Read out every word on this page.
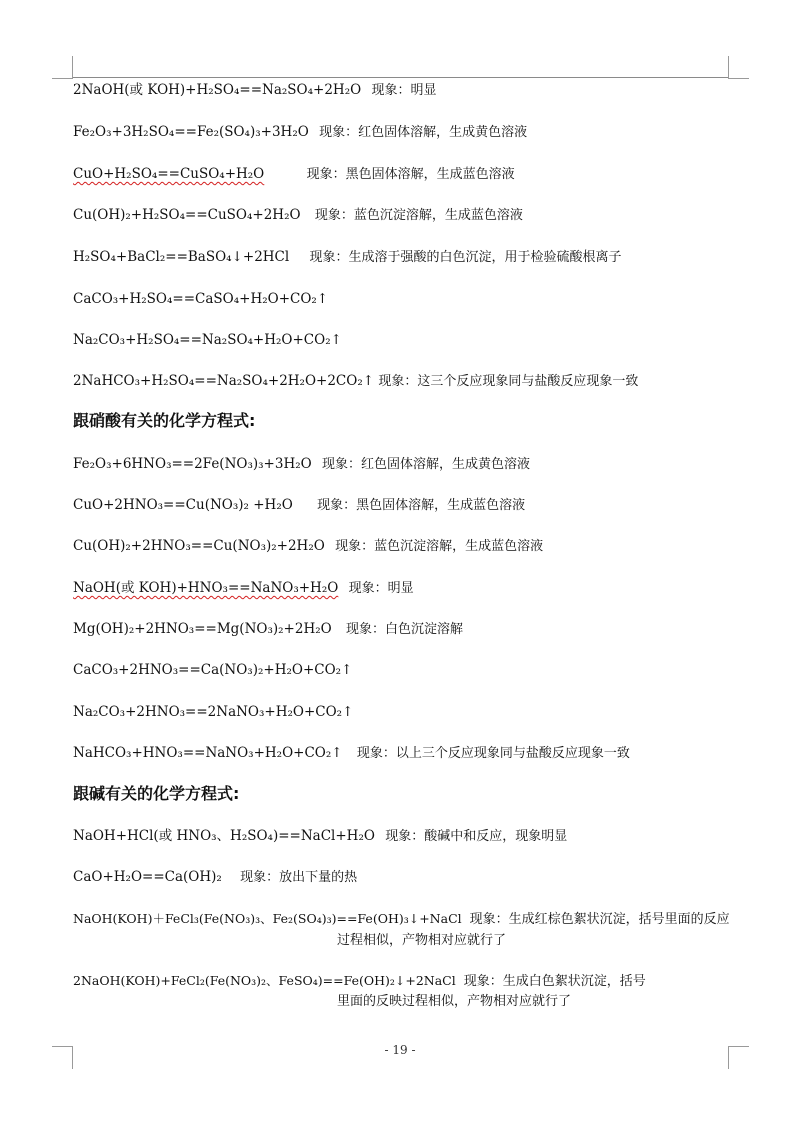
2NaOH(或 KOH)+H₂SO₄==Na₂SO₄+2H₂O 现象：明显
Fe₂O₃+3H₂SO₄==Fe₂(SO₄)₃+3H₂O 现象：红色固体溶解，生成黄色溶液
CuO+H₂SO₄==CuSO₄+H₂O	现象：黑色固体溶解，生成蓝色溶液
Cu(OH)₂+H₂SO₄==CuSO₄+2H₂O 现象：蓝色沉淀溶解，生成蓝色溶液
H₂SO₄+BaCl₂==BaSO₄↓+2HCl 现象：生成溶于强酸的白色沉淀，用于检验硫酸根离子
CaCO₃+H₂SO₄==CaSO₄+H₂O+CO₂↑
Na₂CO₃+H₂SO₄==Na₂SO₄+H₂O+CO₂↑
2NaHCO₃+H₂SO₄==Na₂SO₄+2H₂O+2CO₂↑ 现象：这三个反应现象同与盐酸反应现象一致
跟硝酸有关的化学方程式:
Fe₂O₃+6HNO₃==2Fe(NO₃)₃+3H₂O 现象：红色固体溶解，生成黄色溶液
CuO+2HNO₃==Cu(NO₃)₂ +H₂O 现象：黑色固体溶解，生成蓝色溶液
Cu(OH)₂+2HNO₃==Cu(NO₃)₂+2H₂O 现象：蓝色沉淀溶解，生成蓝色溶液
NaOH(或 KOH)+HNO₃==NaNO₃+H₂O 现象：明显
Mg(OH)₂+2HNO₃==Mg(NO₃)₂+2H₂O 现象：白色沉淀溶解
CaCO₃+2HNO₃==Ca(NO₃)₂+H₂O+CO₂↑
Na₂CO₃+2HNO₃==2NaNO₃+H₂O+CO₂↑
NaHCO₃+HNO₃==NaNO₃+H₂O+CO₂↑ 现象：以上三个反应现象同与盐酸反应现象一致
跟碱有关的化学方程式:
NaOH+HCl(或 HNO₃、H₂SO₄)==NaCl+H₂O 现象：酸碱中和反应，现象明显
CaO+H₂O==Ca(OH)₂ 现象：放出下量的热
NaOH(KOH)＋FeCl₃(Fe(NO₃)₃、Fe₂(SO₄)₃)==Fe(OH)₃↓+NaCl 现象：生成红棕色絮状沉淀，括号里面的反应
过程相似，产物相对应就行了
2NaOH(KOH)+FeCl₂(Fe(NO₃)₂、FeSO₄)==Fe(OH)₂↓+2NaCl 现象：生成白色絮状沉淀，括号
里面的反映过程相似，产物相对应就行了
- 19 -
